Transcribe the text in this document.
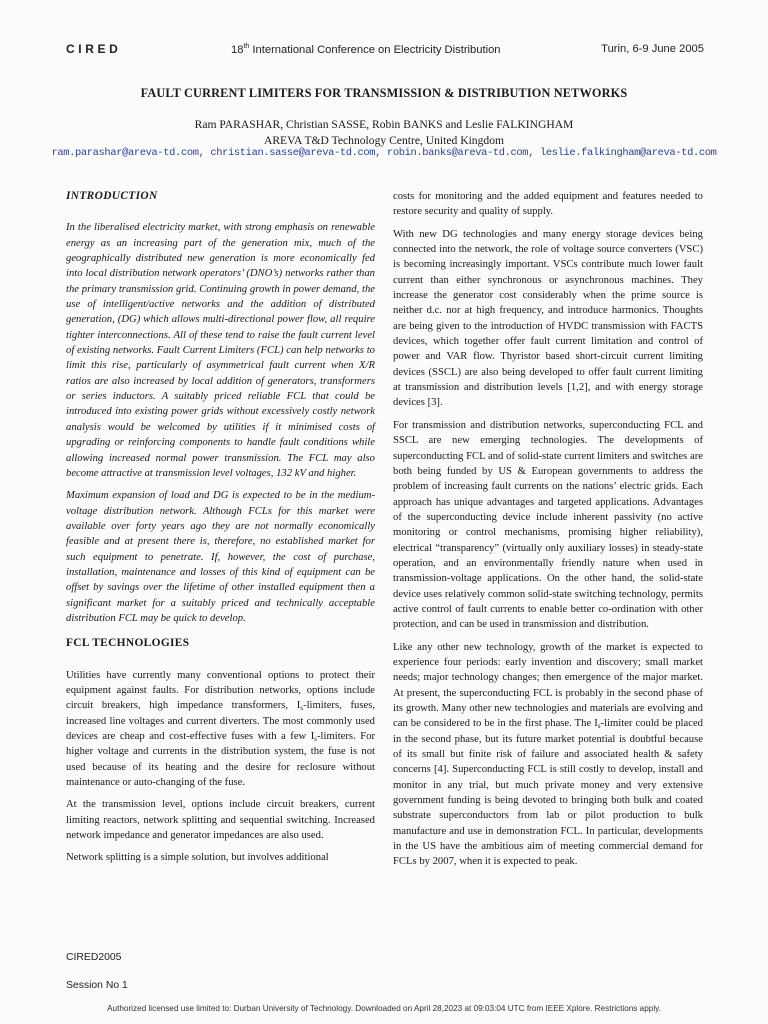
CIRED	18th International Conference on Electricity Distribution	Turin, 6-9 June 2005
FAULT CURRENT LIMITERS FOR TRANSMISSION & DISTRIBUTION NETWORKS
Ram PARASHAR, Christian SASSE, Robin BANKS and Leslie FALKINGHAM
AREVA T&D Technology Centre, United Kingdom
ram.parashar@areva-td.com, christian.sasse@areva-td.com, robin.banks@areva-td.com, leslie.falkingham@areva-td.com
INTRODUCTION

In the liberalised electricity market, with strong emphasis on renewable energy as an increasing part of the generation mix, much of the geographically distributed new generation is more economically fed into local distribution network operators’ (DNO’s) networks rather than the primary transmission grid. Continuing growth in power demand, the use of intelligent/active networks and the addition of distributed generation, (DG) which allows multi-directional power flow, all require tighter interconnections. All of these tend to raise the fault current level of existing networks. Fault Current Limiters (FCL) can help networks to limit this rise, particularly of asymmetrical fault current when X/R ratios are also increased by local addition of generators, transformers or series inductors. A suitably priced reliable FCL that could be introduced into existing power grids without excessively costly network analysis would be welcomed by utilities if it minimised costs of upgrading or reinforcing components to handle fault conditions while allowing increased normal power transmission. The FCL may also become attractive at transmission level voltages, 132 kV and higher.

Maximum expansion of load and DG is expected to be in the medium-voltage distribution network. Although FCLs for this market were available over forty years ago they are not normally economically feasible and at present there is, therefore, no established market for such equipment to penetrate. If, however, the cost of purchase, installation, maintenance and losses of this kind of equipment can be offset by savings over the lifetime of other installed equipment then a significant market for a suitably priced and technically acceptable distribution FCL may be quick to develop.

FCL TECHNOLOGIES

Utilities have currently many conventional options to protect their equipment against faults. For distribution networks, options include circuit breakers, high impedance transformers, $I_s$-limiters, fuses, increased line voltages and current diverters. The most commonly used devices are cheap and cost-effective fuses with a few $I_s$-limiters. For higher voltage and currents in the distribution system, the fuse is not used because of its heating and the desire for reclosure without maintenance or auto-changing of the fuse.

At the transmission level, options include circuit breakers, current limiting reactors, network splitting and sequential switching. Increased network impedance and generator impedances are also used.

Network splitting is a simple solution, but involves additional

costs for monitoring and the added equipment and features needed to restore security and quality of supply.

With new DG technologies and many energy storage devices being connected into the network, the role of voltage source converters (VSC) is becoming increasingly important. VSCs contribute much lower fault current than either synchronous or asynchronous machines. They increase the generator cost considerably when the prime source is neither d.c. nor at high frequency, and introduce harmonics. Thoughts are being given to the introduction of HVDC transmission with FACTS devices, which together offer fault current limitation and control of power and VAR flow. Thyristor based short-circuit current limiting devices (SSCL) are also being developed to offer fault current limiting at transmission and distribution levels [1,2], and with energy storage devices [3].

For transmission and distribution networks, superconducting FCL and SSCL are new emerging technologies. The developments of superconducting FCL and of solid-state current limiters and switches are both being funded by US & European governments to address the problem of increasing fault currents on the nations’ electric grids. Each approach has unique advantages and targeted applications. Advantages of the superconducting device include inherent passivity (no active monitoring or control mechanisms, promising higher reliability), electrical “transparency” (virtually only auxiliary losses) in steady-state operation, and an environmentally friendly nature when used in transmission-voltage applications. On the other hand, the solid-state device uses relatively common solid-state switching technology, permits active control of fault currents to enable better co-ordination with other protection, and can be used in transmission and distribution.

Like any other new technology, growth of the market is expected to experience four periods: early invention and discovery; small market needs; major technology changes; then emergence of the major market. At present, the superconducting FCL is probably in the second phase of its growth. Many other new technologies and materials are evolving and can be considered to be in the first phase. The $I_s$-limiter could be placed in the second phase, but its future market potential is doubtful because of its small but finite risk of failure and associated health & safety concerns [4]. Superconducting FCL is still costly to develop, install and monitor in any trial, but much private money and very extensive government funding is being devoted to bringing both bulk and coated substrate superconductors from lab or pilot production to bulk manufacture and use in demonstration FCL. In particular, developments in the US have the ambitious aim of meeting commercial demand for FCLs by 2007, when it is expected to peak.

CIRED2005
Session No 1
Authorized licensed use limited to: Durban University of Technology. Downloaded on April 28,2023 at 09:03:04 UTC from IEEE Xplore. Restrictions apply.
